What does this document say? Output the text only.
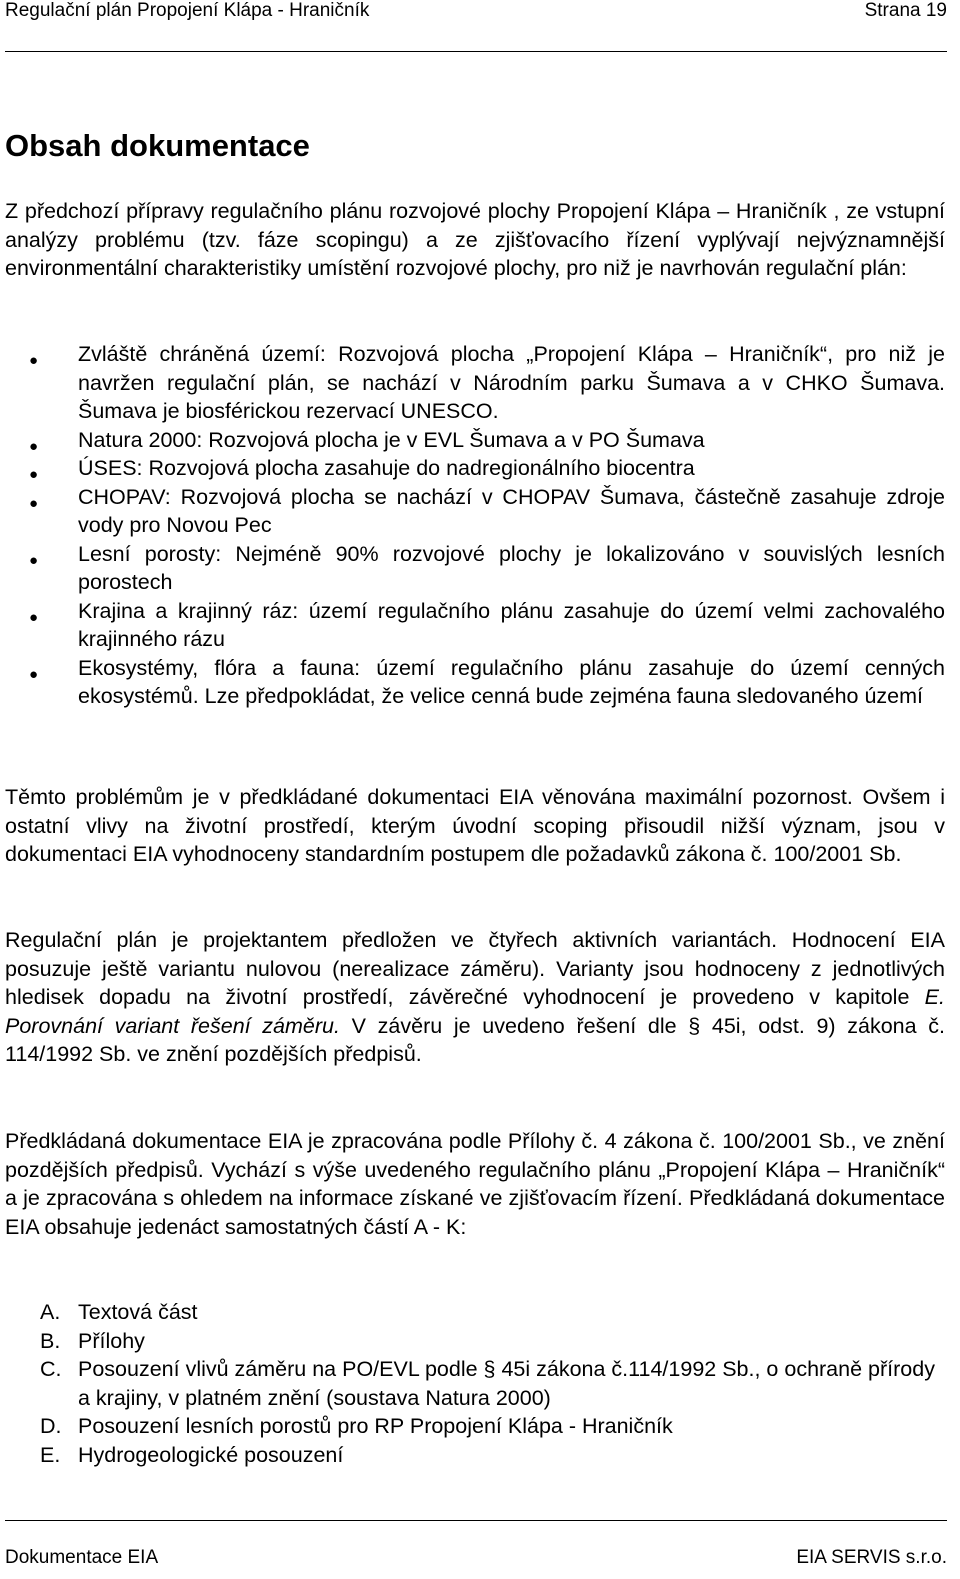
Regulační plán Propojení Klápa - Hraničník	Strana 19
Obsah dokumentace

Z předchozí přípravy regulačního plánu rozvojové plochy Propojení Klápa – Hraničník , ze vstupní analýzy problému (tzv. fáze scopingu) a ze zjišťovacího řízení vyplývají nejvýznamnější environmentální charakteristiky umístění rozvojové plochy, pro niž je navrhován regulační plán:

● Zvláště chráněná území: Rozvojová plocha „Propojení Klápa – Hraničník“, pro niž je navržen regulační plán, se nachází v Národním parku Šumava a v CHKO Šumava. Šumava je biosférickou rezervací UNESCO.
● Natura 2000: Rozvojová plocha je v EVL Šumava a v PO Šumava
● ÚSES: Rozvojová plocha zasahuje do nadregionálního biocentra
● CHOPAV: Rozvojová plocha se nachází v CHOPAV Šumava, částečně zasahuje zdroje vody pro Novou Pec
● Lesní porosty: Nejméně 90% rozvojové plochy je lokalizováno v souvislých lesních porostech
● Krajina a krajinný ráz: území regulačního plánu zasahuje do území velmi zachovalého krajinného rázu
● Ekosystémy, flóra a fauna: území regulačního plánu zasahuje do území cenných ekosystémů. Lze předpokládat, že velice cenná bude zejména fauna sledovaného území

Těmto problémům je v předkládané dokumentaci EIA věnována maximální pozornost. Ovšem i ostatní vlivy na životní prostředí, kterým úvodní scoping přisoudil nižší význam, jsou v dokumentaci EIA vyhodnoceny standardním postupem dle požadavků zákona č. 100/2001 Sb.

Regulační plán je projektantem předložen ve čtyřech aktivních variantách. Hodnocení EIA posuzuje ještě variantu nulovou (nerealizace záměru). Varianty jsou hodnoceny z jednotlivých hledisek dopadu na životní prostředí, závěrečné vyhodnocení je provedeno v kapitole E. Porovnání variant řešení záměru. V závěru je uvedeno řešení dle § 45i, odst. 9) zákona č. 114/1992 Sb. ve znění pozdějších předpisů.

Předkládaná dokumentace EIA je zpracována podle Přílohy č. 4 zákona č. 100/2001 Sb., ve znění pozdějších předpisů. Vychází s výše uvedeného regulačního plánu „Propojení Klápa – Hraničník“ a je zpracována s ohledem na informace získané ve zjišťovacím řízení. Předkládaná dokumentace EIA obsahuje jedenáct samostatných částí A - K:

A. Textová část
B. Přílohy
C. Posouzení vlivů záměru na PO/EVL podle § 45i zákona č.114/1992 Sb., o ochraně přírody a krajiny, v platném znění (soustava Natura 2000)
D. Posouzení lesních porostů pro RP Propojení Klápa - Hraničník
E. Hydrogeologické posouzení
Dokumentace EIA	EIA SERVIS s.r.o.
